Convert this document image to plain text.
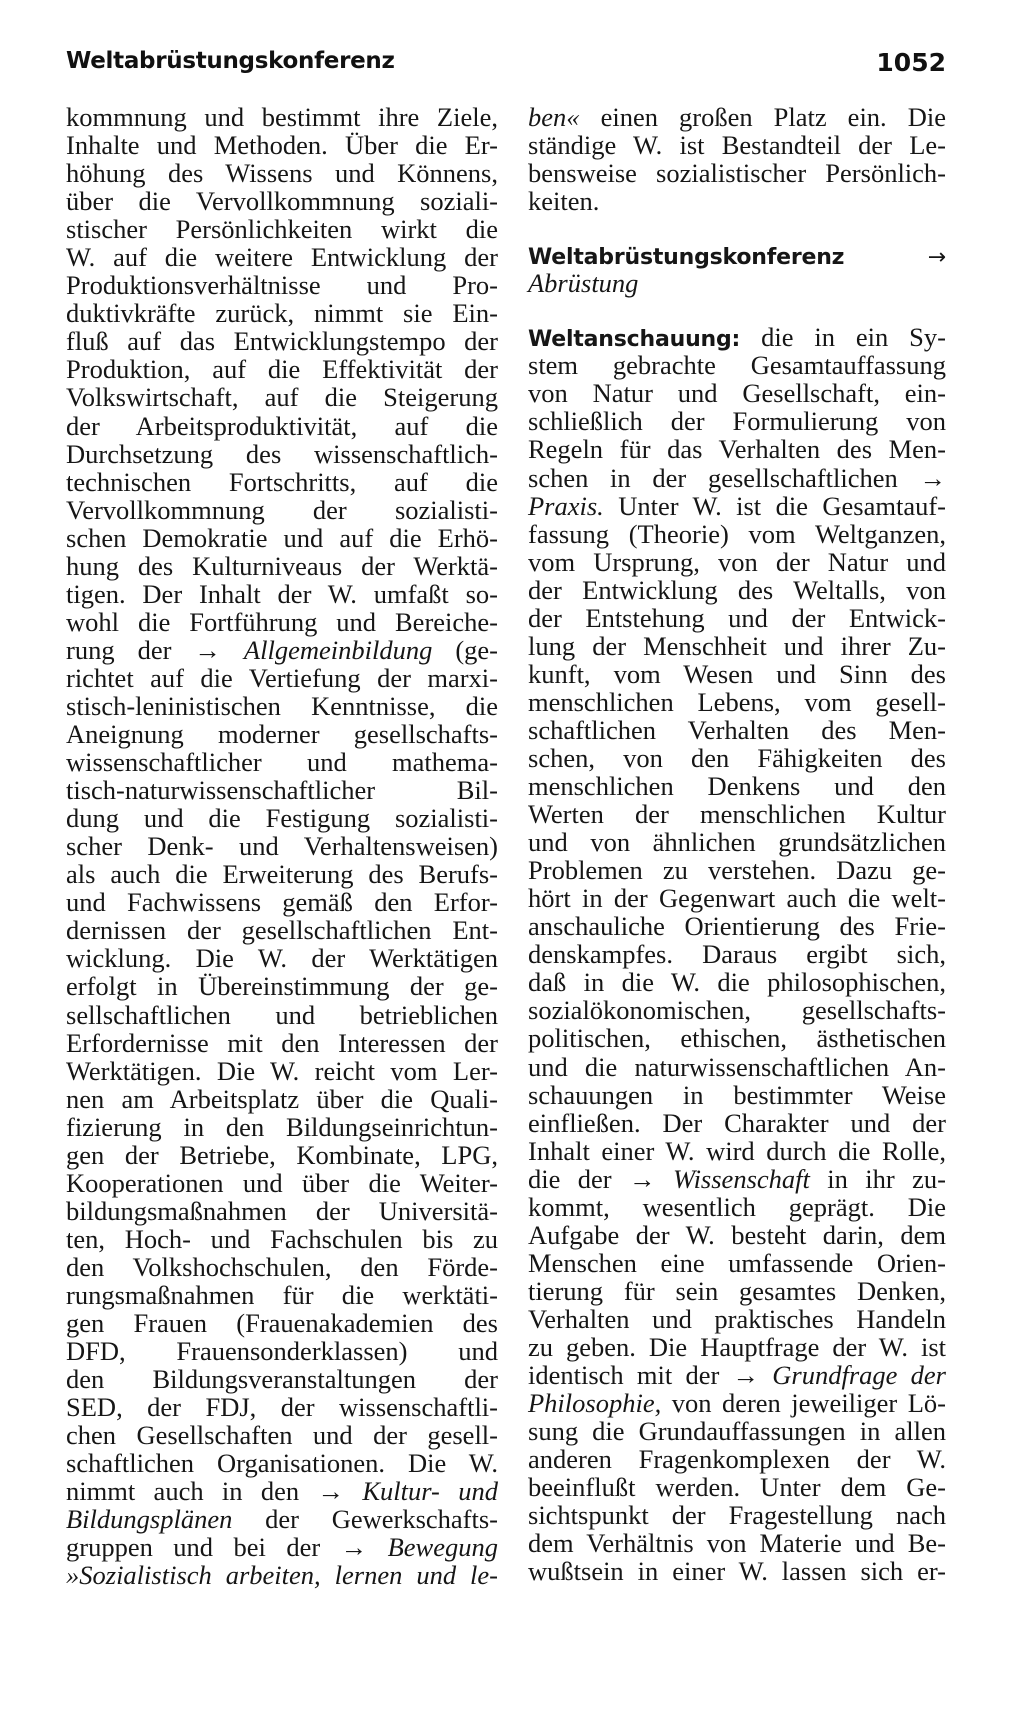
Weltabrüstungskonferenz	1052
kommnung und bestimmt ihre Ziele,
Inhalte und Methoden. Über die Er-
höhung des Wissens und Könnens,
über die Vervollkommnung soziali-
stischer Persönlichkeiten wirkt die
W. auf die weitere Entwicklung der
Produktionsverhältnisse und Pro-
duktivkräfte zurück, nimmt sie Ein-
fluß auf das Entwicklungstempo der
Produktion, auf die Effektivität der
Volkswirtschaft, auf die Steigerung
der Arbeitsproduktivität, auf die
Durchsetzung des wissenschaftlich-
technischen Fortschritts, auf die
Vervollkommnung der sozialisti-
schen Demokratie und auf die Erhö-
hung des Kulturniveaus der Werktä-
tigen. Der Inhalt der W. umfaßt so-
wohl die Fortführung und Bereiche-
rung der → Allgemeinbildung (ge-
richtet auf die Vertiefung der marxi-
stisch-leninistischen Kenntnisse, die
Aneignung moderner gesellschafts-
wissenschaftlicher und mathema-
tisch-naturwissenschaftlicher Bil-
dung und die Festigung sozialisti-
scher Denk- und Verhaltensweisen)
als auch die Erweiterung des Berufs-
und Fachwissens gemäß den Erfor-
dernissen der gesellschaftlichen Ent-
wicklung. Die W. der Werktätigen
erfolgt in Übereinstimmung der ge-
sellschaftlichen und betrieblichen
Erfordernisse mit den Interessen der
Werktätigen. Die W. reicht vom Ler-
nen am Arbeitsplatz über die Quali-
fizierung in den Bildungseinrichtun-
gen der Betriebe, Kombinate, LPG,
Kooperationen und über die Weiter-
bildungsmaßnahmen der Universitä-
ten, Hoch- und Fachschulen bis zu
den Volkshochschulen, den Förde-
rungsmaßnahmen für die werktäti-
gen Frauen (Frauenakademien des
DFD, Frauensonderklassen) und
den Bildungsveranstaltungen der
SED, der FDJ, der wissenschaftli-
chen Gesellschaften und der gesell-
schaftlichen Organisationen. Die W.
nimmt auch in den → Kultur- und
Bildungsplänen der Gewerkschafts-
gruppen und bei der → Bewegung
»Sozialistisch arbeiten, lernen und le-
ben« einen großen Platz ein. Die
ständige W. ist Bestandteil der Le-
bensweise sozialistischer Persönlich-
keiten.
Weltabrüstungskonferenz	→
Abrüstung
Weltanschauung: die in ein Sy-
stem gebrachte Gesamtauffassung
von Natur und Gesellschaft, ein-
schließlich der Formulierung von
Regeln für das Verhalten des Men-
schen in der gesellschaftlichen →
Praxis. Unter W. ist die Gesamtauf-
fassung (Theorie) vom Weltganzen,
vom Ursprung, von der Natur und
der Entwicklung des Weltalls, von
der Entstehung und der Entwick-
lung der Menschheit und ihrer Zu-
kunft, vom Wesen und Sinn des
menschlichen Lebens, vom gesell-
schaftlichen Verhalten des Men-
schen, von den Fähigkeiten des
menschlichen Denkens und den
Werten der menschlichen Kultur
und von ähnlichen grundsätzlichen
Problemen zu verstehen. Dazu ge-
hört in der Gegenwart auch die welt-
anschauliche Orientierung des Frie-
denskampfes. Daraus ergibt sich,
daß in die W. die philosophischen,
sozialökonomischen, gesellschafts-
politischen, ethischen, ästhetischen
und die naturwissenschaftlichen An-
schauungen in bestimmter Weise
einfließen. Der Charakter und der
Inhalt einer W. wird durch die Rolle,
die der → Wissenschaft in ihr zu-
kommt, wesentlich geprägt. Die
Aufgabe der W. besteht darin, dem
Menschen eine umfassende Orien-
tierung für sein gesamtes Denken,
Verhalten und praktisches Handeln
zu geben. Die Hauptfrage der W. ist
identisch mit der → Grundfrage der
Philosophie, von deren jeweiliger Lö-
sung die Grundauffassungen in allen
anderen Fragenkomplexen der W.
beeinflußt werden. Unter dem Ge-
sichtspunkt der Fragestellung nach
dem Verhältnis von Materie und Be-
wußtsein in einer W. lassen sich er-
